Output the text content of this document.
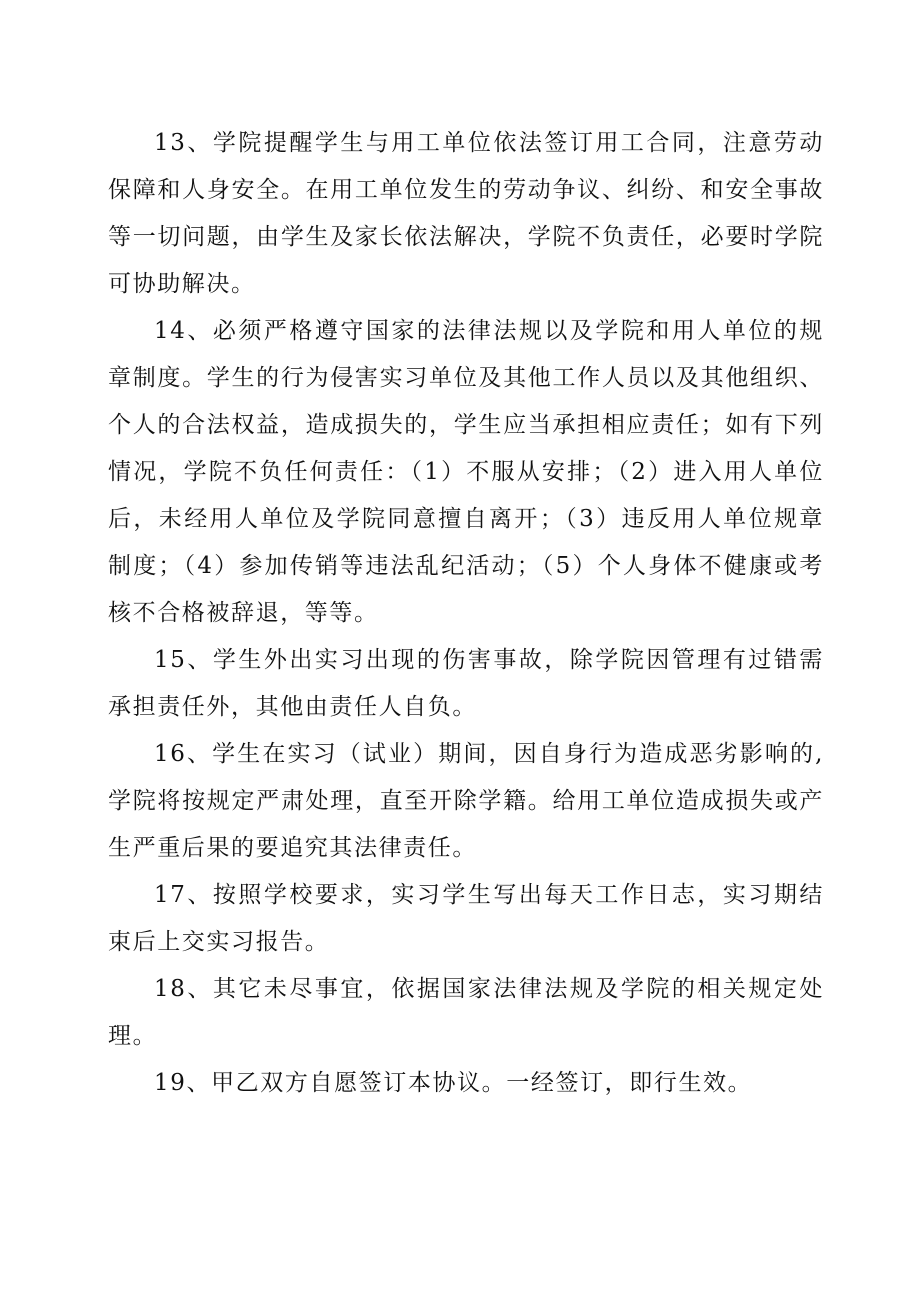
13、学院提醒学生与用工单位依法签订用工合同，注意劳动保障和人身安全。在用工单位发生的劳动争议、纠纷、和安全事故等一切问题，由学生及家长依法解决，学院不负责任，必要时学院可协助解决。

14、必须严格遵守国家的法律法规以及学院和用人单位的规章制度。学生的行为侵害实习单位及其他工作人员以及其他组织、个人的合法权益，造成损失的，学生应当承担相应责任；如有下列情况，学院不负任何责任：（1）不服从安排；（2）进入用人单位后，未经用人单位及学院同意擅自离开；（3）违反用人单位规章制度；（4）参加传销等违法乱纪活动；（5）个人身体不健康或考核不合格被辞退，等等。

15、学生外出实习出现的伤害事故，除学院因管理有过错需承担责任外，其他由责任人自负。

16、学生在实习（试业）期间，因自身行为造成恶劣影响的,学院将按规定严肃处理，直至开除学籍。给用工单位造成损失或产生严重后果的要追究其法律责任。

17、按照学校要求，实习学生写出每天工作日志，实习期结束后上交实习报告。

18、其它未尽事宜，依据国家法律法规及学院的相关规定处理。

19、甲乙双方自愿签订本协议。一经签订，即行生效。
